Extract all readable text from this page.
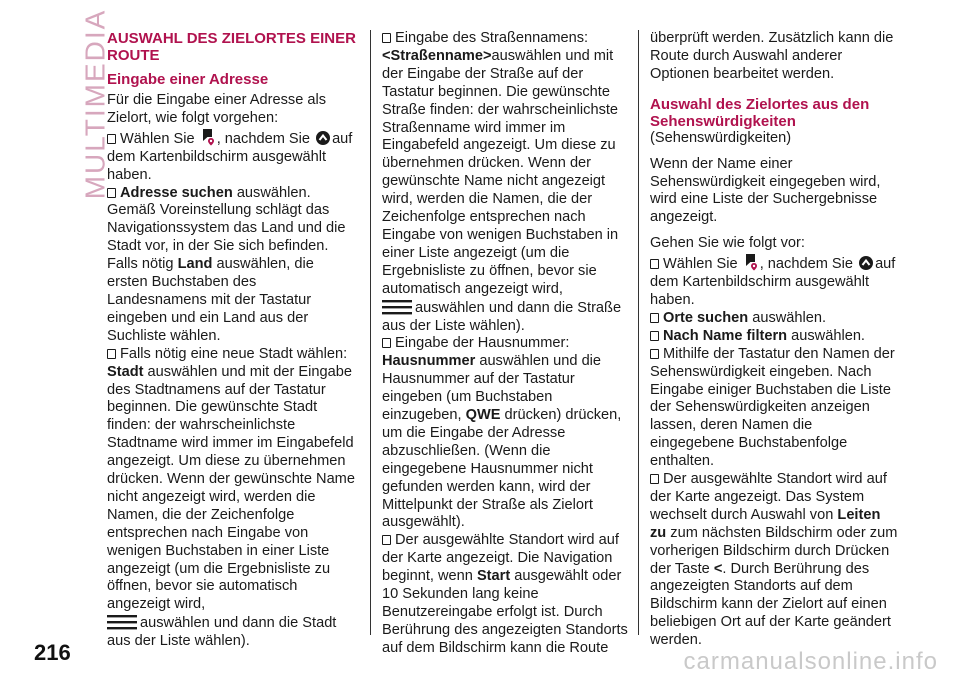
MULTIMEDIA
AUSWAHL DES ZIELORTES EINER ROUTE
Eingabe einer Adresse

Für die Eingabe einer Adresse als Zielort, wie folgt vorgehen:

Wählen Sie , nachdem Sie auf dem Kartenbildschirm ausgewählt haben.

Adresse suchen auswählen. Gemäß Voreinstellung schlägt das Navigationssystem das Land und die Stadt vor, in der Sie sich befinden. Falls nötig Land auswählen, die ersten Buchstaben des Landesnamens mit der Tastatur eingeben und ein Land aus der Suchliste wählen.

Falls nötig eine neue Stadt wählen: Stadt auswählen und mit der Eingabe des Stadtnamens auf der Tastatur beginnen. Die gewünschte Stadt finden: der wahrscheinlichste Stadtname wird immer im Eingabefeld angezeigt. Um diese zu übernehmen drücken. Wenn der gewünschte Name nicht angezeigt wird, werden die Namen, die der Zeichenfolge entsprechen nach Eingabe von wenigen Buchstaben in einer Liste angezeigt (um die Ergebnisliste zu öffnen, bevor sie automatisch angezeigt wird,
auswählen und dann die Stadt aus der Liste wählen).

Eingabe des Straßennamens:
<Straßenname>auswählen und mit der Eingabe der Straße auf der Tastatur beginnen. Die gewünschte Straße finden: der wahrscheinlichste Straßenname wird immer im Eingabefeld angezeigt. Um diese zu übernehmen drücken. Wenn der gewünschte Name nicht angezeigt wird, werden die Namen, die der Zeichenfolge entsprechen nach Eingabe von wenigen Buchstaben in einer Liste angezeigt (um die Ergebnisliste zu öffnen, bevor sie automatisch angezeigt wird,
auswählen und dann die Straße aus der Liste wählen).

Eingabe der Hausnummer:
Hausnummer auswählen und die Hausnummer auf der Tastatur eingeben (um Buchstaben einzugeben, QWE drücken) drücken, um die Eingabe der Adresse abzuschließen. (Wenn die eingegebene Hausnummer nicht gefunden werden kann, wird der Mittelpunkt der Straße als Zielort ausgewählt).

Der ausgewählte Standort wird auf der Karte angezeigt. Die Navigation beginnt, wenn Start ausgewählt oder 10 Sekunden lang keine Benutzereingabe erfolgt ist. Durch Berührung des angezeigten Standorts auf dem Bildschirm kann die Route

überprüft werden. Zusätzlich kann die Route durch Auswahl anderer Optionen bearbeitet werden.

Auswahl des Zielortes aus den Sehenswürdigkeiten

(Sehenswürdigkeiten)

Wenn der Name einer Sehenswürdigkeit eingegeben wird, wird eine Liste der Suchergebnisse angezeigt.

Gehen Sie wie folgt vor:

Wählen Sie , nachdem Sie auf dem Kartenbildschirm ausgewählt haben.

Orte suchen auswählen.

Nach Name filtern auswählen.

Mithilfe der Tastatur den Namen der Sehenswürdigkeit eingeben. Nach Eingabe einiger Buchstaben die Liste der Sehenswürdigkeiten anzeigen lassen, deren Namen die eingegebene Buchstabenfolge enthalten.

Der ausgewählte Standort wird auf der Karte angezeigt. Das System wechselt durch Auswahl von Leiten zu zum nächsten Bildschirm oder zum vorherigen Bildschirm durch Drücken der Taste <. Durch Berührung des angezeigten Standorts auf dem Bildschirm kann der Zielort auf einen beliebigen Ort auf der Karte geändert werden.

216	carmanualsonline.info
